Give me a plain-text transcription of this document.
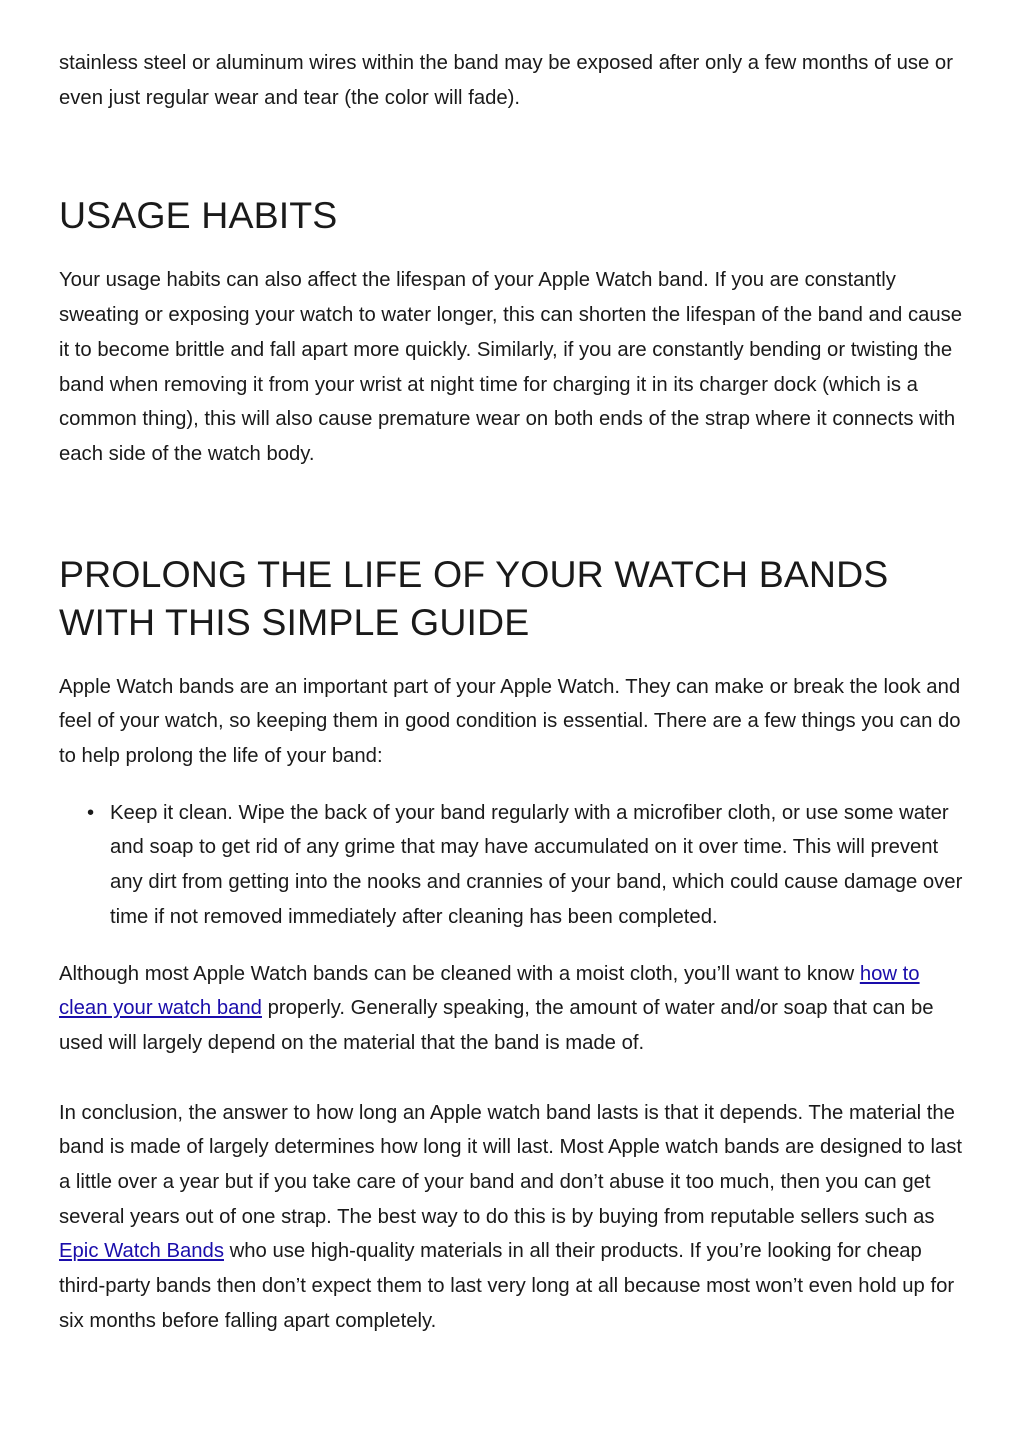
stainless steel or aluminum wires within the band may be exposed after only a few months of use or even just regular wear and tear (the color will fade).

USAGE HABITS

Your usage habits can also affect the lifespan of your Apple Watch band. If you are constantly sweating or exposing your watch to water longer, this can shorten the lifespan of the band and cause it to become brittle and fall apart more quickly. Similarly, if you are constantly bending or twisting the band when removing it from your wrist at night time for charging it in its charger dock (which is a common thing), this will also cause premature wear on both ends of the strap where it connects with each side of the watch body.

PROLONG THE LIFE OF YOUR WATCH BANDS WITH THIS SIMPLE GUIDE

Apple Watch bands are an important part of your Apple Watch. They can make or break the look and feel of your watch, so keeping them in good condition is essential. There are a few things you can do to help prolong the life of your band:

• Keep it clean. Wipe the back of your band regularly with a microfiber cloth, or use some water and soap to get rid of any grime that may have accumulated on it over time. This will prevent any dirt from getting into the nooks and crannies of your band, which could cause damage over time if not removed immediately after cleaning has been completed.

Although most Apple Watch bands can be cleaned with a moist cloth, you’ll want to know how to clean your watch band properly. Generally speaking, the amount of water and/or soap that can be used will largely depend on the material that the band is made of.

In conclusion, the answer to how long an Apple watch band lasts is that it depends. The material the band is made of largely determines how long it will last. Most Apple watch bands are designed to last a little over a year but if you take care of your band and don’t abuse it too much, then you can get several years out of one strap. The best way to do this is by buying from reputable sellers such as Epic Watch Bands who use high-quality materials in all their products. If you’re looking for cheap third-party bands then don’t expect them to last very long at all because most won’t even hold up for six months before falling apart completely.
